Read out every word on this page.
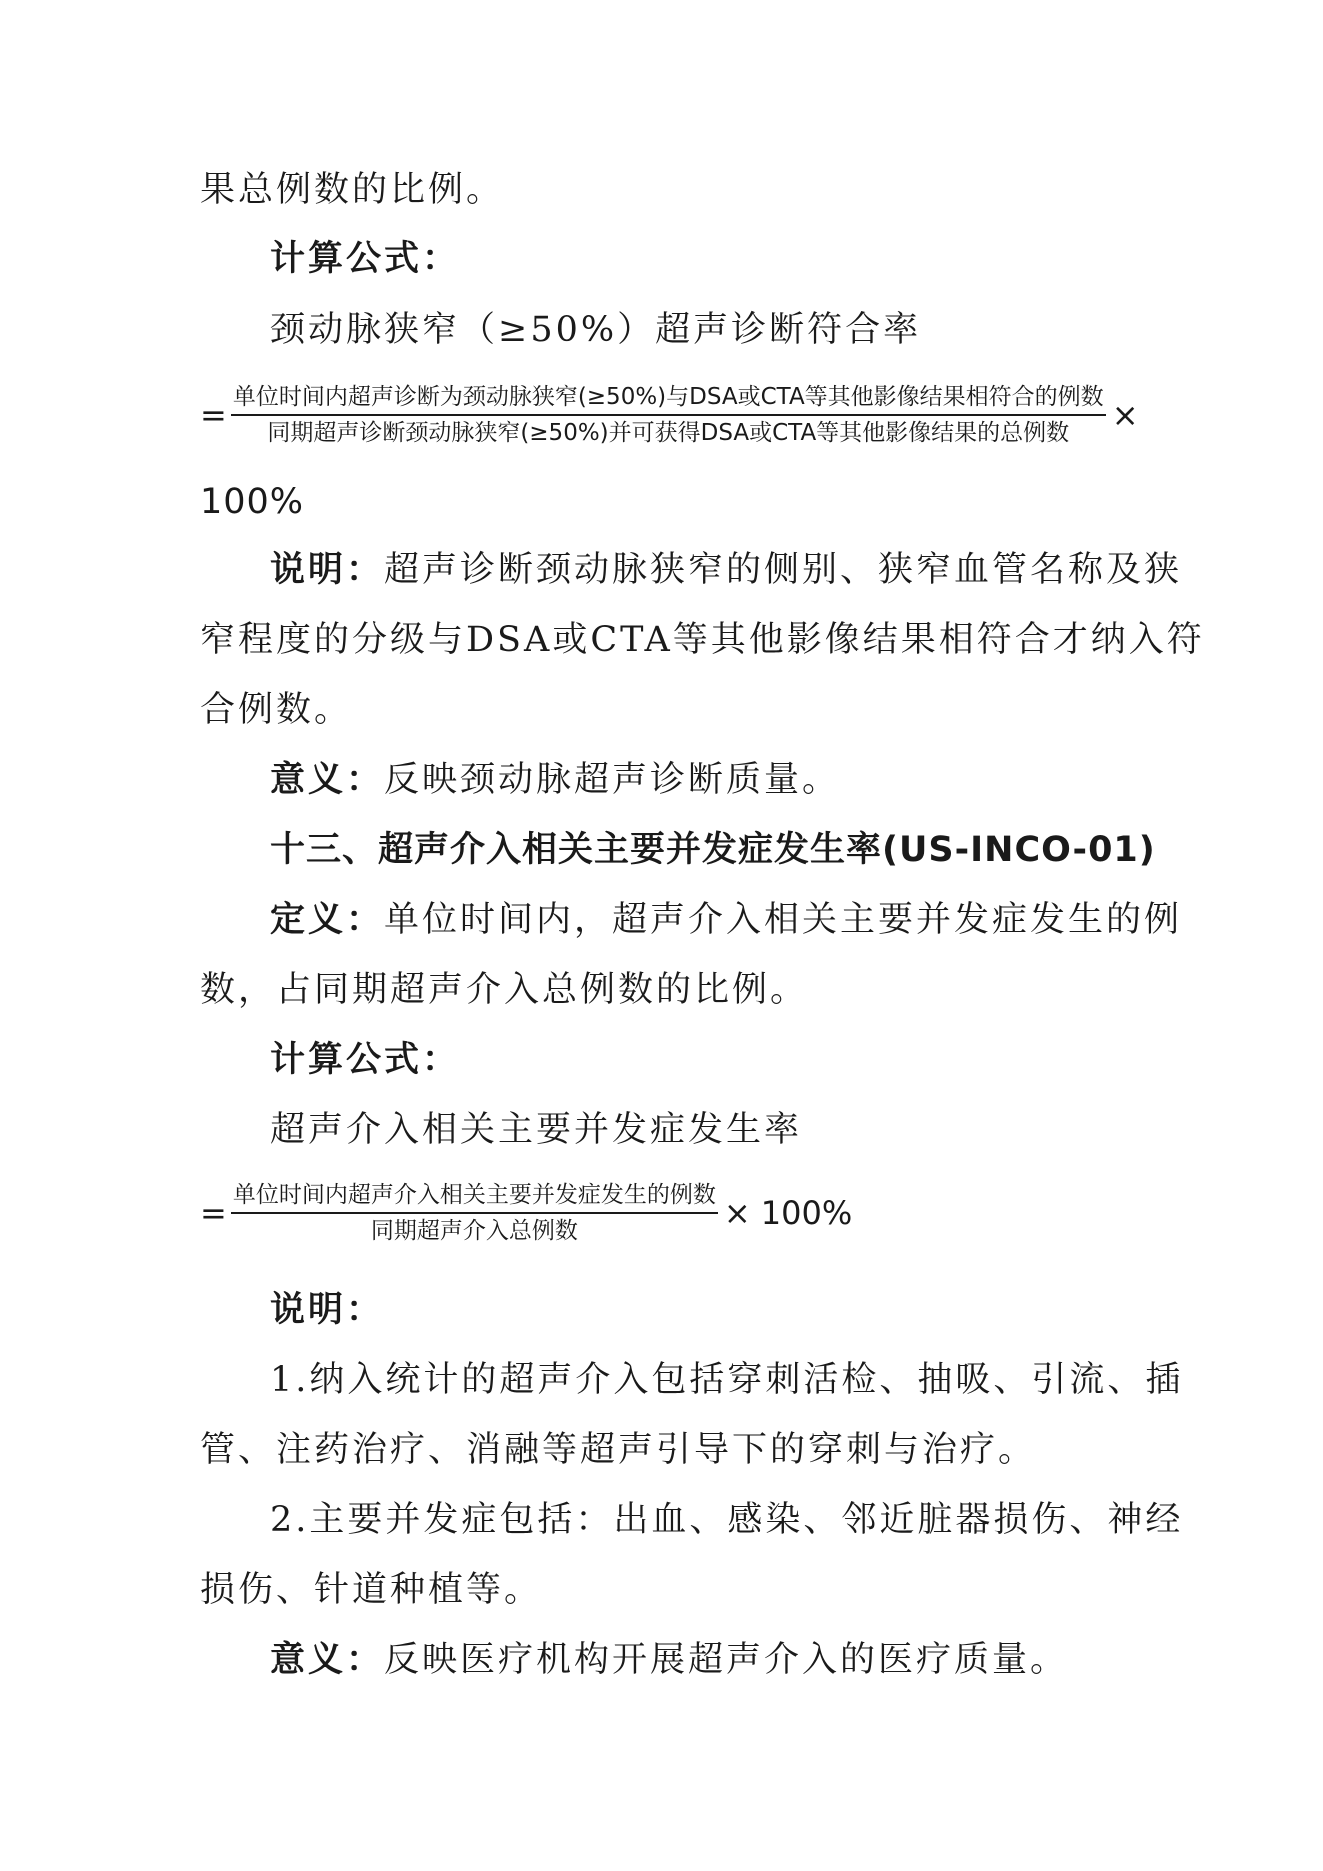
果总例数的比例。
计算公式：
颈动脉狭窄（≥50%）超声诊断符合率
= $\frac{\text{单位时间内超声诊断为颈动脉狭窄(≥50\%)与DSA或CTA等其他影像结果相符合的例数}}{\text{同期超声诊断颈动脉狭窄(≥50\%)并可获得DSA或CTA等其他影像结果的总例数}}$ ×
100%
说明：超声诊断颈动脉狭窄的侧别、狭窄血管名称及狭
窄程度的分级与DSA或CTA等其他影像结果相符合才纳入符
合例数。
意义：反映颈动脉超声诊断质量。
十三、超声介入相关主要并发症发生率(US-INCO-01)
定义：单位时间内，超声介入相关主要并发症发生的例
数，占同期超声介入总例数的比例。
计算公式：
超声介入相关主要并发症发生率
= $\frac{\text{单位时间内超声介入相关主要并发症发生的例数}}{\text{同期超声介入总例数}} \times 100\%$
说明：
1.纳入统计的超声介入包括穿刺活检、抽吸、引流、插
管、注药治疗、消融等超声引导下的穿刺与治疗。
2.主要并发症包括：出血、感染、邻近脏器损伤、神经
损伤、针道种植等。
意义：反映医疗机构开展超声介入的医疗质量。
